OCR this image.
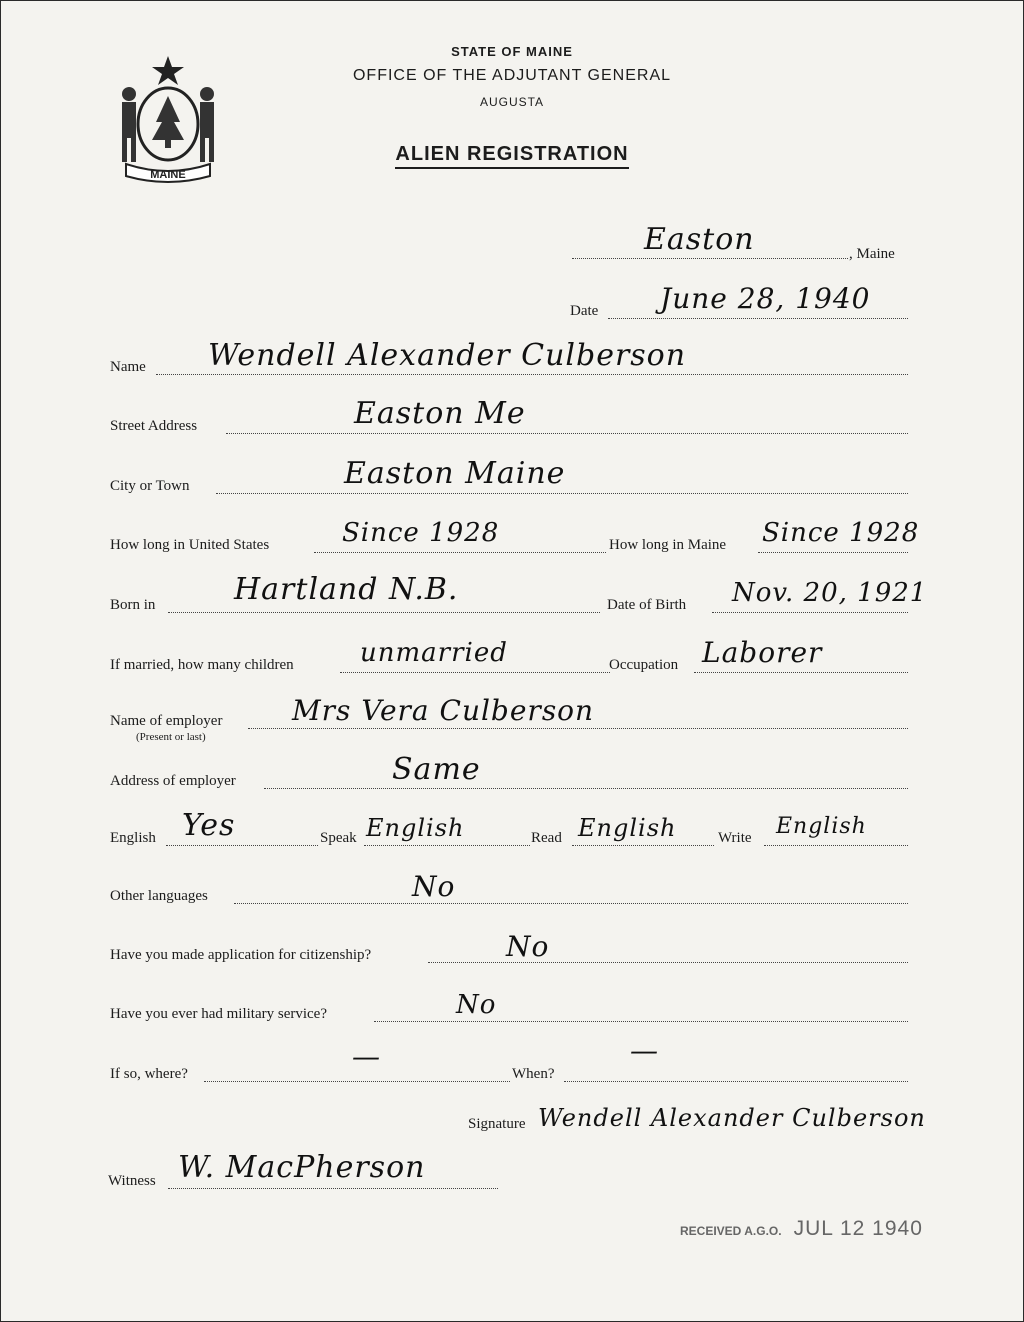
MAINE
STATE OF MAINE
OFFICE OF THE ADJUTANT GENERAL
AUGUSTA
ALIEN REGISTRATION
Easton	, Maine
Date June 28, 1940
Name Wendell Alexander Culberson
Street Address	Easton Me
City or Town	Easton Maine
How long in United States	Since 1928	How long in Maine Since 1928
Born in	Hartland N.B.	Date of Birth Nov. 20, 1921
If married, how many children	unmarried	Occupation Laborer
Name of employer
(Present or last)
Mrs Vera Culberson
Address of employer	Same
English Yes	Speak English	Read English	Write English
Other languages	No
Have you made application for citizenship?	No
Have you ever had military service?	No
If so, where?
—
When?
—
Signature Wendell Alexander Culberson
Witness W. MacPherson
RECEIVED A.G.O. JUL 12 1940
